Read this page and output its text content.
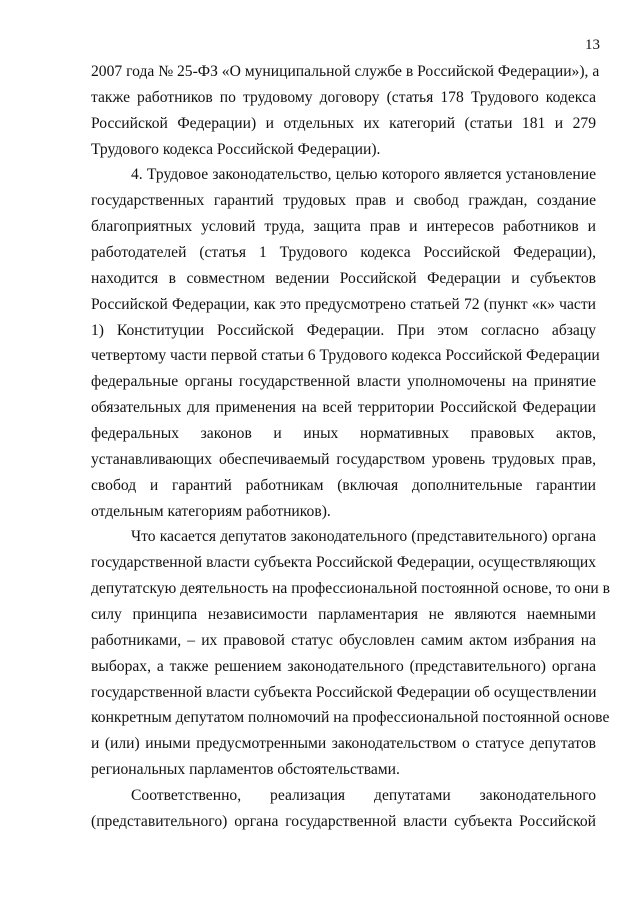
13
2007 года № 25-ФЗ «О муниципальной службе в Российской Федерации»), а
также работников по трудовому договору (статья 178 Трудового кодекса
Российской Федерации) и отдельных их категорий (статьи 181 и 279
Трудового кодекса Российской Федерации).
4. Трудовое законодательство, целью которого является установление
государственных гарантий трудовых прав и свобод граждан, создание
благоприятных условий труда, защита прав и интересов работников и
работодателей (статья 1 Трудового кодекса Российской Федерации),
находится в совместном ведении Российской Федерации и субъектов
Российской Федерации, как это предусмотрено статьей 72 (пункт «к» части
1) Конституции Российской Федерации. При этом согласно абзацу
четвертому части первой статьи 6 Трудового кодекса Российской Федерации
федеральные органы государственной власти уполномочены на принятие
обязательных для применения на всей территории Российской Федерации
федеральных законов и иных нормативных правовых актов,
устанавливающих обеспечиваемый государством уровень трудовых прав,
свобод и гарантий работникам (включая дополнительные гарантии
отдельным категориям работников).
Что касается депутатов законодательного (представительного) органа
государственной власти субъекта Российской Федерации, осуществляющих
депутатскую деятельность на профессиональной постоянной основе, то они в
силу принципа независимости парламентария не являются наемными
работниками, – их правовой статус обусловлен самим актом избрания на
выборах, а также решением законодательного (представительного) органа
государственной власти субъекта Российской Федерации об осуществлении
конкретным депутатом полномочий на профессиональной постоянной основе
и (или) иными предусмотренными законодательством о статусе депутатов
региональных парламентов обстоятельствами.
Соответственно, реализация депутатами законодательного
(представительного) органа государственной власти субъекта Российской
